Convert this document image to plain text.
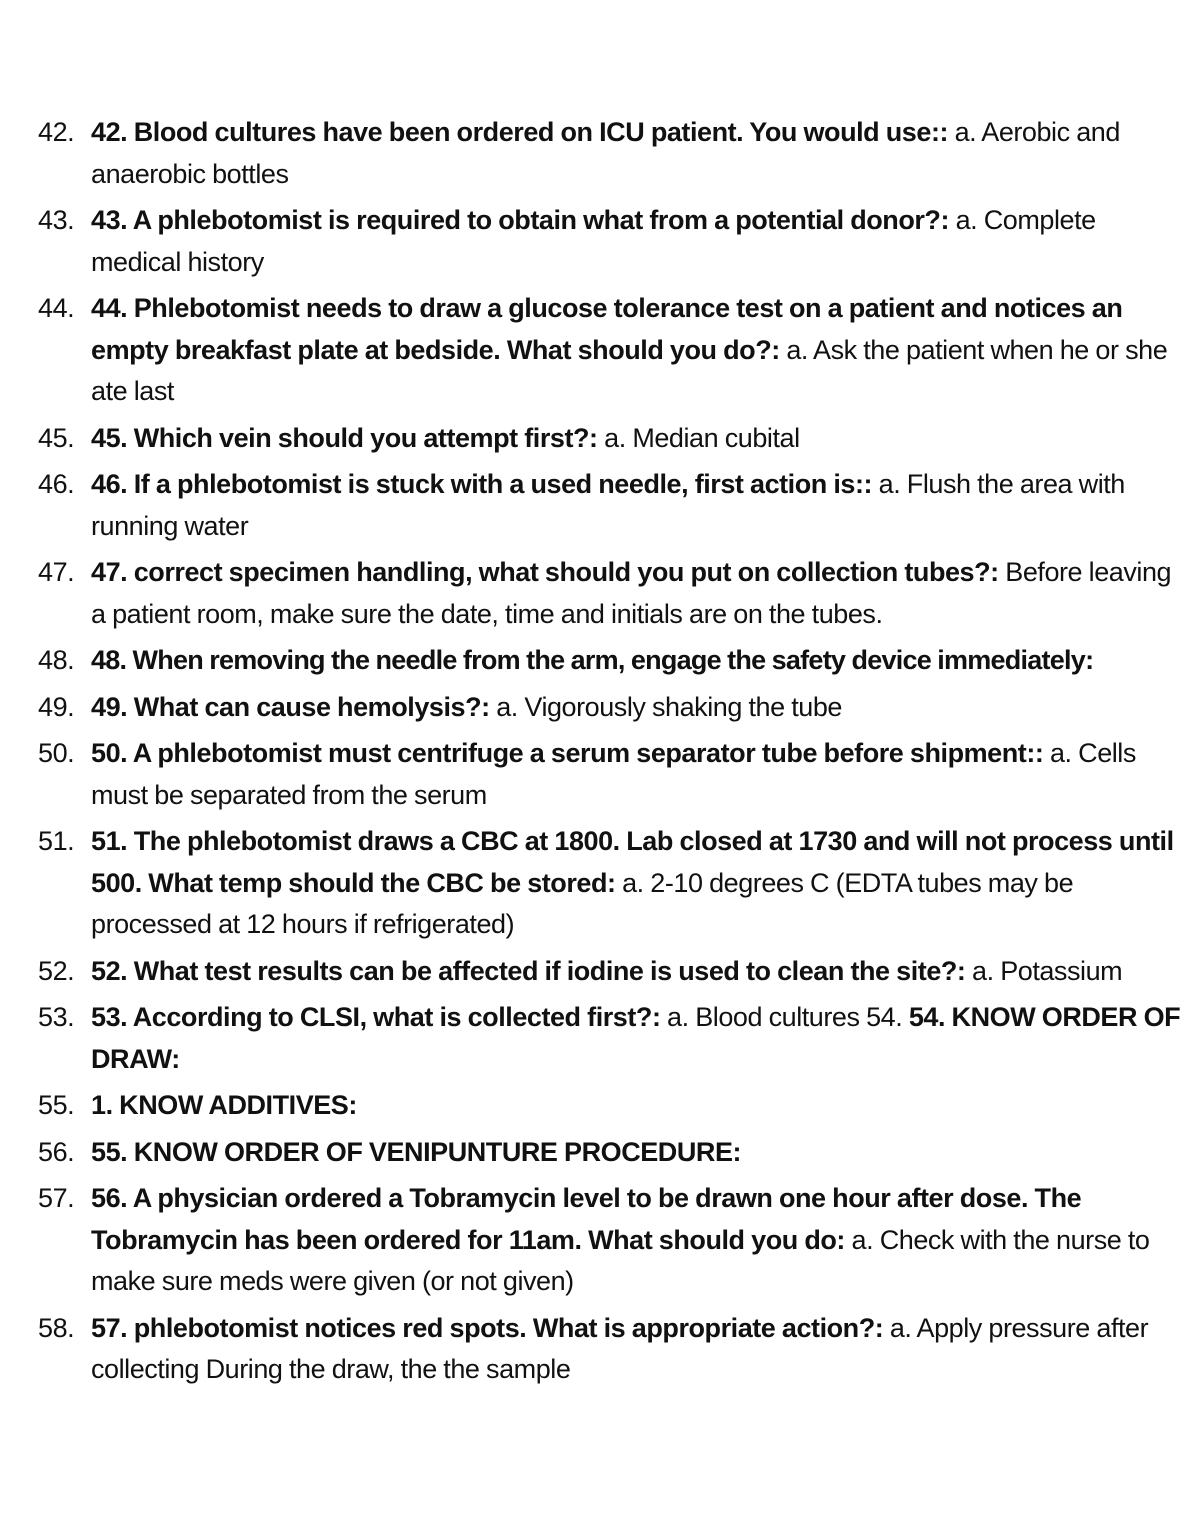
42. 42. Blood cultures have been ordered on ICU patient. You would use:: a. Aerobic and anaerobic bottles
43. 43. A phlebotomist is required to obtain what from a potential donor?: a. Complete medical history
44. 44. Phlebotomist needs to draw a glucose tolerance test on a patient and notices an empty breakfast plate at bedside. What should you do?: a. Ask the patient when he or she ate last
45. 45. Which vein should you attempt first?: a. Median cubital
46. 46. If a phlebotomist is stuck with a used needle, first action is:: a. Flush the area with running water
47. 47. correct specimen handling, what should you put on collection tubes?: Before leaving a patient room, make sure the date, time and initials are on the tubes.
48. 48. When removing the needle from the arm, engage the safety device immediately:
49. 49. What can cause hemolysis?: a. Vigorously shaking the tube
50. 50. A phlebotomist must centrifuge a serum separator tube before shipment:: a. Cells must be separated from the serum
51. 51. The phlebotomist draws a CBC at 1800. Lab closed at 1730 and will not process until 500. What temp should the CBC be stored: a. 2-10 degrees C (EDTA tubes may be processed at 12 hours if refrigerated)
52. 52. What test results can be affected if iodine is used to clean the site?: a. Potassium
53. 53. According to CLSI, what is collected first?: a. Blood cultures 54. 54. KNOW ORDER OF DRAW:
55. 1. KNOW ADDITIVES:
56. 55. KNOW ORDER OF VENIPUNTURE PROCEDURE:
57. 56. A physician ordered a Tobramycin level to be drawn one hour after dose. The Tobramycin has been ordered for 11am. What should you do: a. Check with the nurse to make sure meds were given (or not given)
58. 57. phlebotomist notices red spots. What is appropriate action?: a. Apply pressure after collecting During the draw, the the sample
